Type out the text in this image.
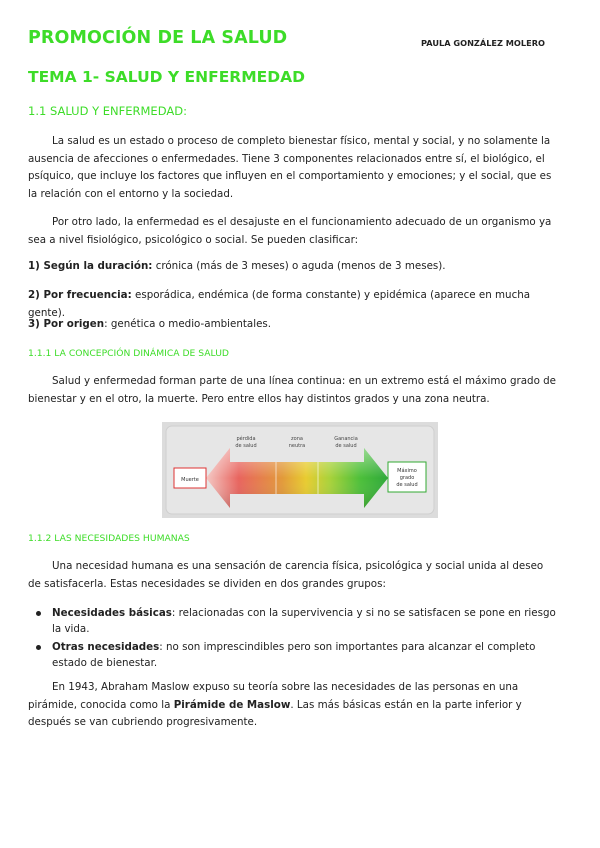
PROMOCIÓN DE LA SALUD	PAULA GONZÁLEZ MOLERO
TEMA 1- SALUD Y ENFERMEDAD
1.1 SALUD Y ENFERMEDAD:

La salud es un estado o proceso de completo bienestar físico, mental y social, y no solamente la ausencia de afecciones o enfermedades. Tiene 3 componentes relacionados entre sí, el biológico, el psíquico, que incluye los factores que influyen en el comportamiento y emociones; y el social, que es la relación con el entorno y la sociedad.

Por otro lado, la enfermedad es el desajuste en el funcionamiento adecuado de un organismo ya sea a nivel fisiológico, psicológico o social. Se pueden clasificar:

1) Según la duración: crónica (más de 3 meses) o aguda (menos de 3 meses).

2) Por frecuencia: esporádica, endémica (de forma constante) y epidémica (aparece en mucha gente).

3) Por origen: genética o medio-ambientales.

1.1.1 LA CONCEPCIÓN DINÁMICA DE SALUD

Salud y enfermedad forman parte de una línea continua: en un extremo está el máximo grado de bienestar y en el otro, la muerte. Pero entre ellos hay distintos grados y una zona neutra.

Muerte
pérdida
de salud
zona
neutra
Ganancia
de salud
Máximo
grado
de salud
1.1.2 LAS NECESIDADES HUMANAS

Una necesidad humana es una sensación de carencia física, psicológica y social unida al deseo de satisfacerla. Estas necesidades se dividen en dos grandes grupos:

Necesidades básicas: relacionadas con la supervivencia y si no se satisfacen se pone en riesgo la vida.
Otras necesidades: no son imprescindibles pero son importantes para alcanzar el completo estado de bienestar.

En 1943, Abraham Maslow expuso su teoría sobre las necesidades de las personas en una pirámide, conocida como la Pirámide de Maslow. Las más básicas están en la parte inferior y después se van cubriendo progresivamente.
